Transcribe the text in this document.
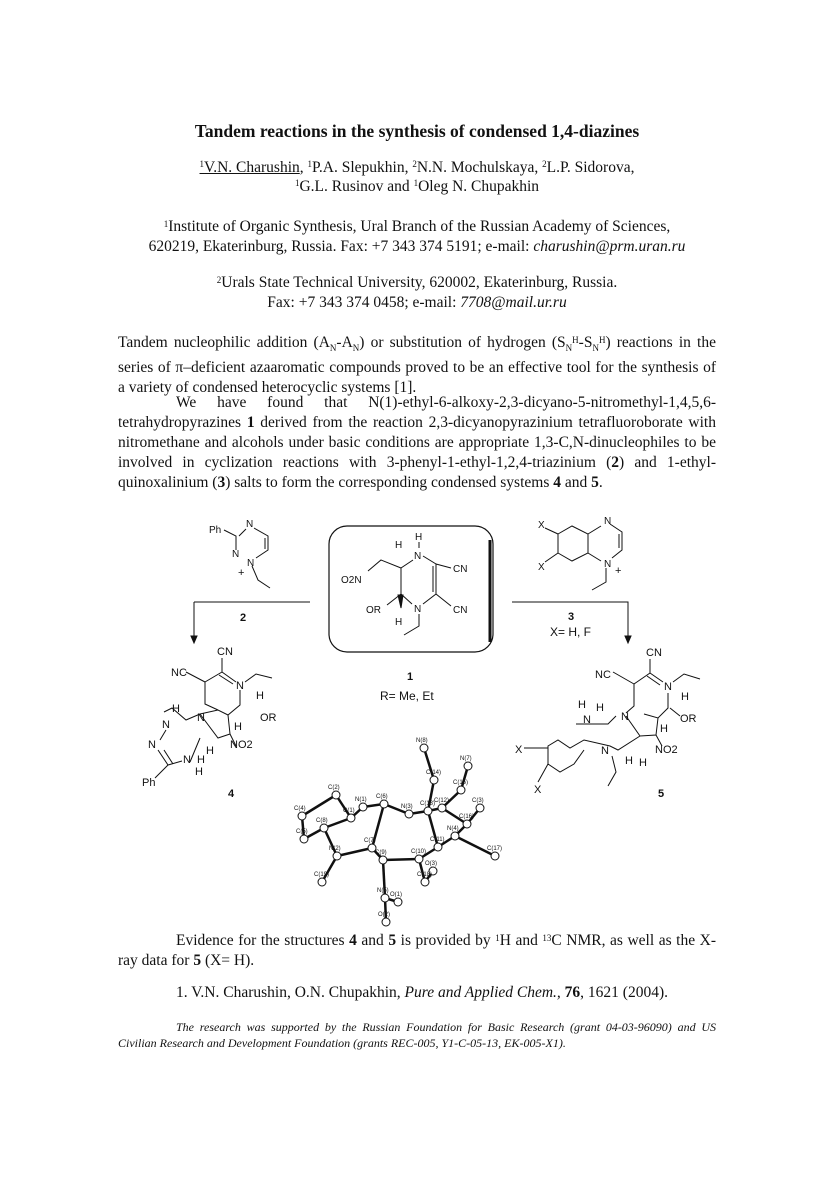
Tandem reactions in the synthesis of condensed 1,4-diazines
$^1$V.N. Charushin, $^1$P.A. Slepukhin, $^2$N.N. Mochulskaya, $^2$L.P. Sidorova,
$^1$G.L. Rusinov and $^1$Oleg N. Chupakhin
$^1$Institute of Organic Synthesis, Ural Branch of the Russian Academy of Sciences,
620219, Ekaterinburg, Russia. Fax: +7 343 374 5191; e-mail: charushin@prm.uran.ru
$^2$Urals State Technical University, 620002, Ekaterinburg, Russia.
Fax: +7 343 374 0458; e-mail: 7708@mail.ur.ru
Tandem nucleophilic addition $(A_N-A_N)$ or substitution of hydrogen $(S_N^H-S_N^H)$ reactions in the series of π–deficient azaaromatic compounds proved to be an effective tool for the synthesis of a variety of condensed heterocyclic systems [1].
We have found that N(1)-ethyl-6-alkoxy-2,3-dicyano-5-nitromethyl-1,4,5,6-tetrahydropyrazines 1 derived from the reaction 2,3-dicyanopyrazinium tetrafluoroborate with nitromethane and alcohols under basic conditions are appropriate 1,3-C,N-dinucleophiles to be involved in cyclization reactions with 3-phenyl-1-ethyl-1,2,4-triazinium (2) and 1-ethyl-quinoxalinium (3) salts to form the corresponding condensed systems 4 and 5.
Ph
N
N
N
+
2
H
H
N
CN
O2N
OR
H
N	CN
1
R= Me, Et
X
X
N
N
+
3
X= H, F
CN
NC
N
H
H
OR
N
H
N
N	H NO2
N
H
H
Ph
4
CN
NC
N
H
H H
N	N	OR
H
X	NO2
N
H H
X	5
N(8)
N(7)
C(14)
C(15)
C(2)
N(1) C(6)
N(3) C(13)
C(12)	C(3)
C(1)
C(16)
C(4)
C(8)
N(4)
C(5)
C(7)	C(11)
N(2)
C(9)	C(10)
O(3)
C(19)	C(18)
C(17)
N(5)
O(1)
O(2)
Evidence for the structures 4 and 5 is provided by $^1$H and $^{13}$C NMR, as well as the X-ray data for 5 (X= H).
1. V.N. Charushin, O.N. Chupakhin, Pure and Applied Chem., 76, 1621 (2004).
The research was supported by the Russian Foundation for Basic Research (grant 04-03-96090) and US Civilian Research and Development Foundation (grants REC-005, Y1-C-05-13, EK-005-X1).
